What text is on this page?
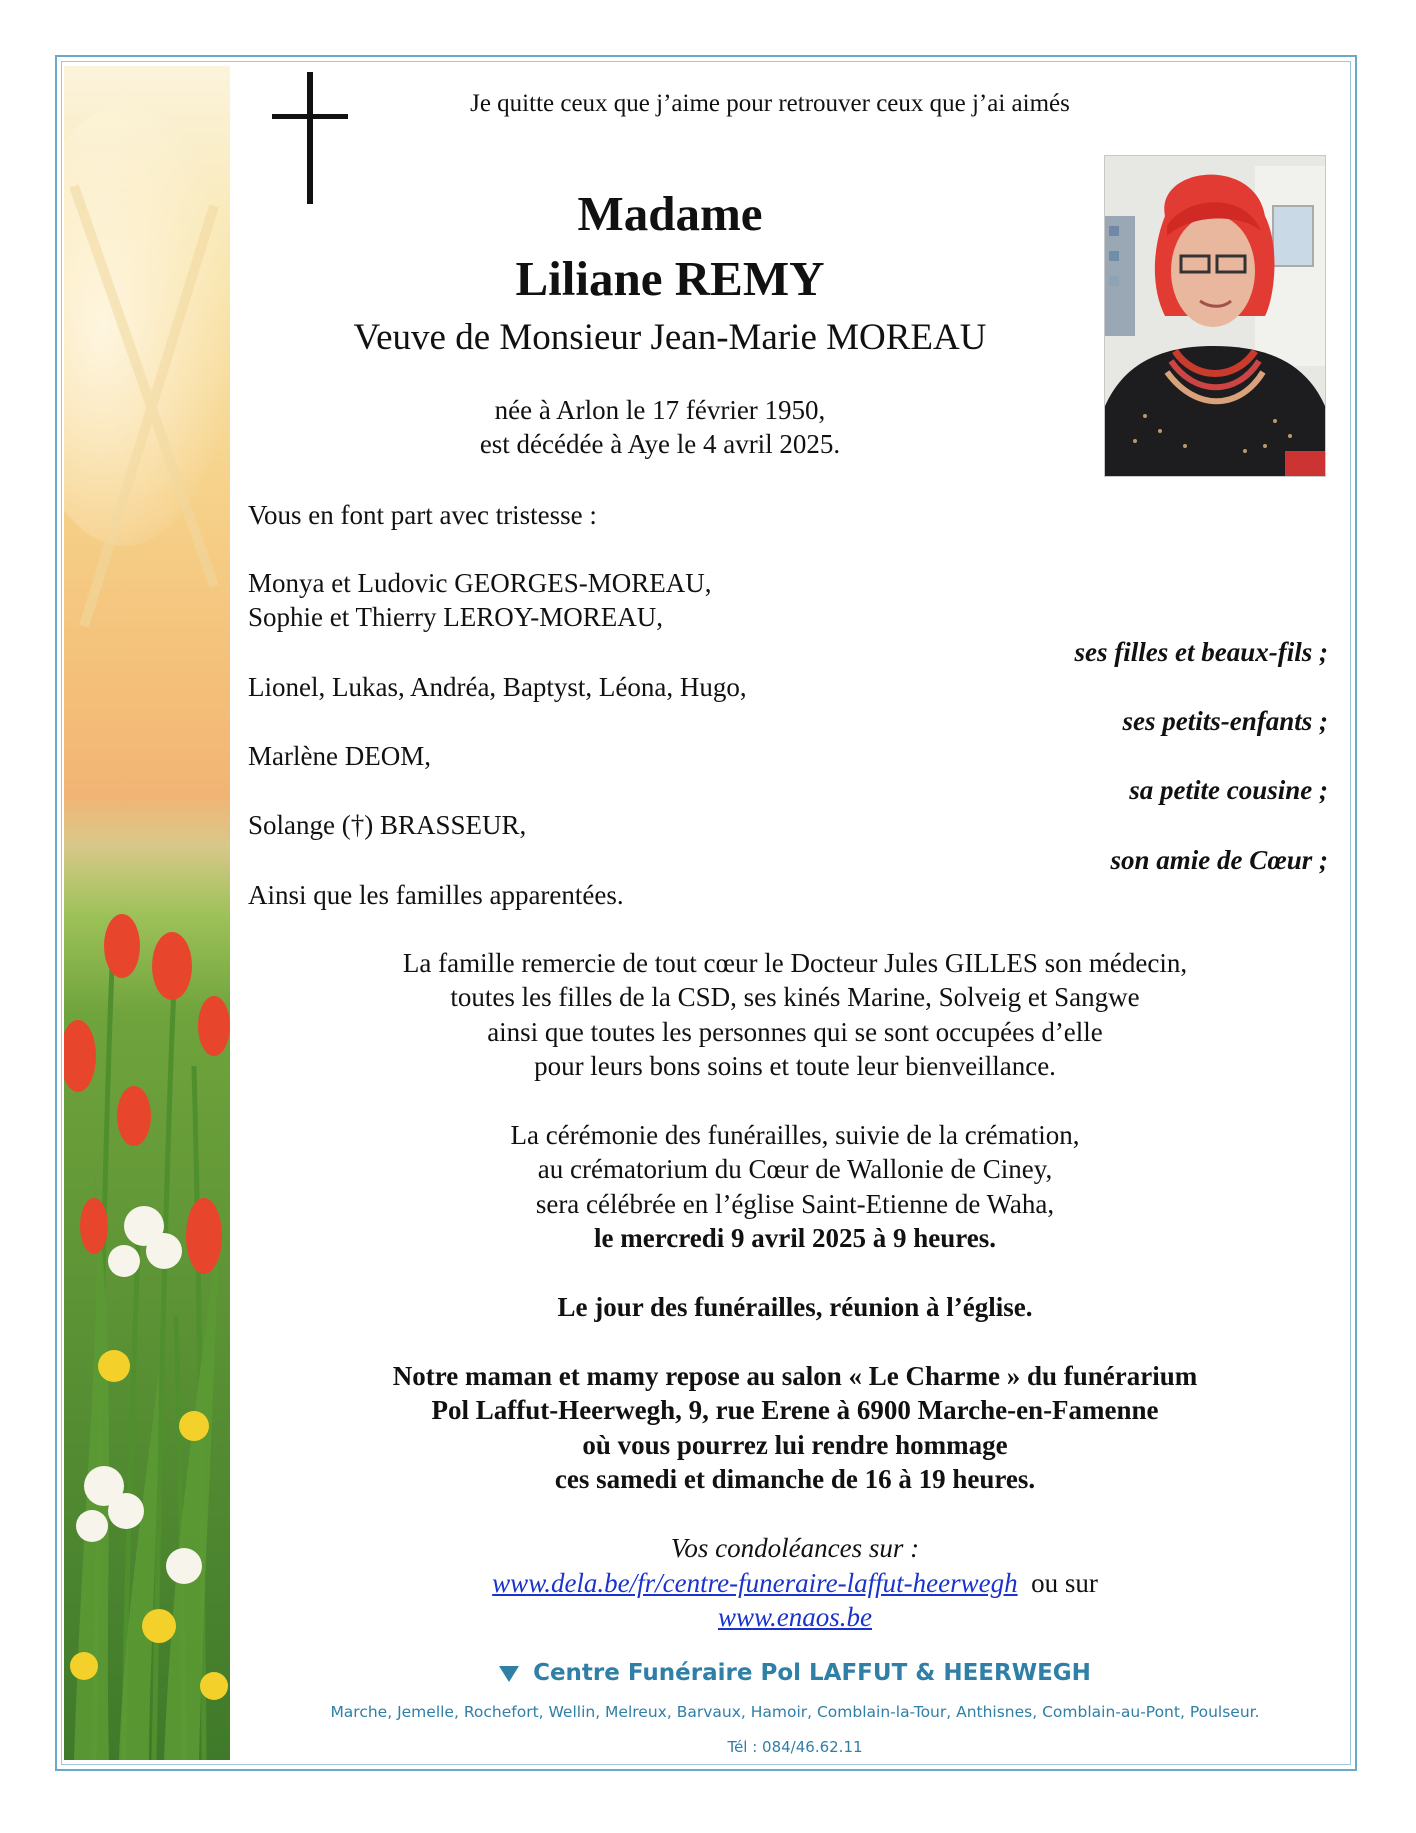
Je quitte ceux que j’aime pour retrouver ceux que j’ai aimés
Madame
Liliane REMY
Veuve de Monsieur Jean-Marie MOREAU
née à Arlon le 17 février 1950,
est décédée à Aye le 4 avril 2025.
Vous en font part avec tristesse :
Monya et Ludovic GEORGES-MOREAU,
Sophie et Thierry LEROY-MOREAU,
ses filles et beaux-fils ;
Lionel, Lukas, Andréa, Baptyst, Léona, Hugo,
ses petits-enfants ;
Marlène DEOM,
sa petite cousine ;
Solange (†) BRASSEUR,
son amie de Cœur ;
Ainsi que les familles apparentées.
La famille remercie de tout cœur le Docteur Jules GILLES son médecin,
toutes les filles de la CSD, ses kinés Marine, Solveig et Sangwe
ainsi que toutes les personnes qui se sont occupées d’elle
pour leurs bons soins et toute leur bienveillance.
La cérémonie des funérailles, suivie de la crémation,
au crématorium du Cœur de Wallonie de Ciney,
sera célébrée en l’église Saint-Etienne de Waha,
le mercredi 9 avril 2025 à 9 heures.
Le jour des funérailles, réunion à l’église.
Notre maman et mamy repose au salon « Le Charme » du funérarium
Pol Laffut-Heerwegh, 9, rue Erene à 6900 Marche-en-Famenne
où vous pourrez lui rendre hommage
ces samedi et dimanche de 16 à 19 heures.
Vos condoléances sur :
www.dela.be/fr/centre-funeraire-laffut-heerwegh ou sur
www.enaos.be
Centre Funéraire Pol LAFFUT & HEERWEGH
Marche, Jemelle, Rochefort, Wellin, Melreux, Barvaux, Hamoir, Comblain-la-Tour, Anthisnes, Comblain-au-Pont, Poulseur.
Tél : 084/46.62.11
